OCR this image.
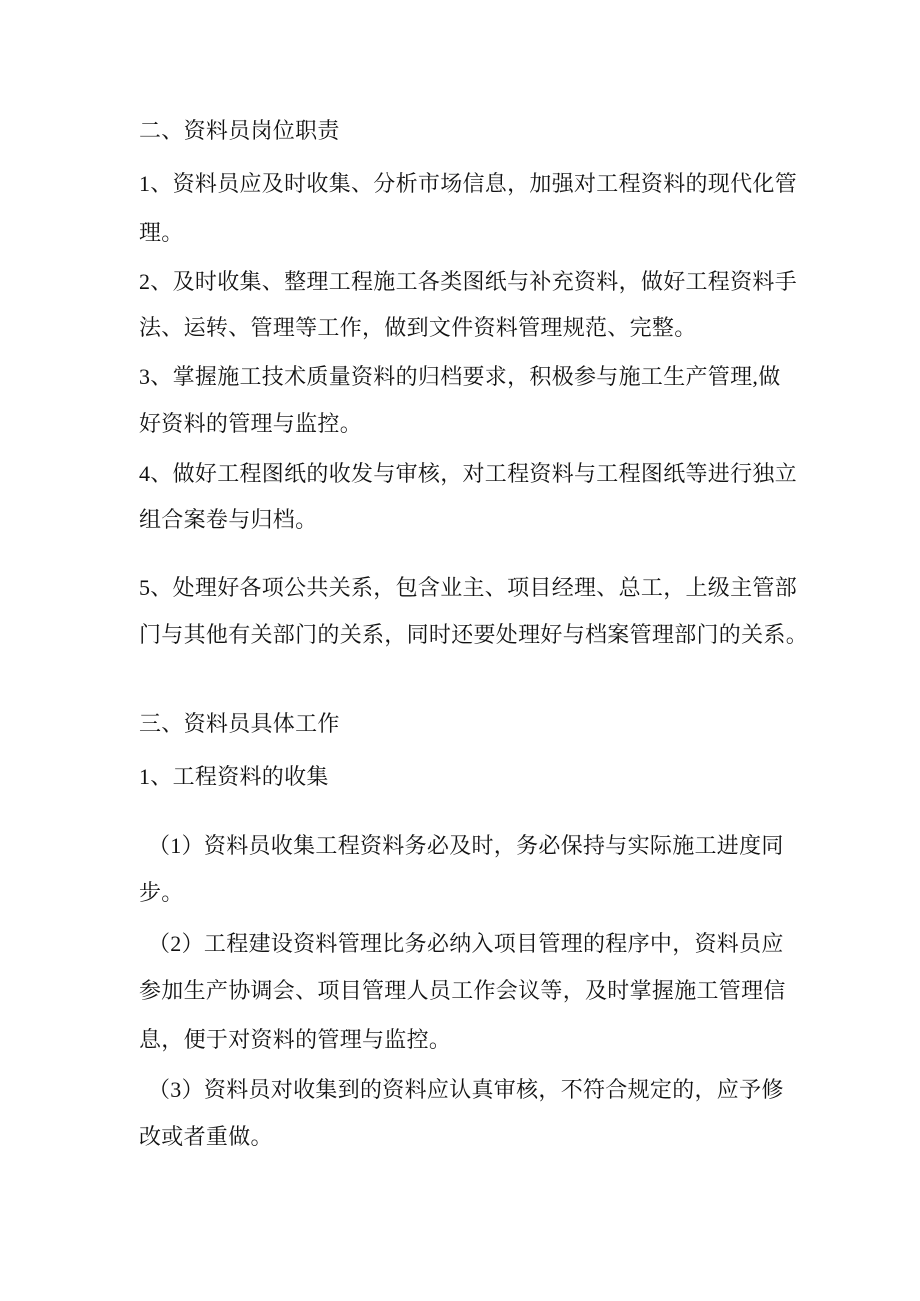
二、资料员岗位职责
1、资料员应及时收集、分析市场信息，加强对工程资料的现代化管
理。
2、及时收集、整理工程施工各类图纸与补充资料，做好工程资料手
法、运转、管理等工作，做到文件资料管理规范、完整。
3、掌握施工技术质量资料的归档要求，积极参与施工生产管理,做
好资料的管理与监控。
4、做好工程图纸的收发与审核，对工程资料与工程图纸等进行独立
组合案卷与归档。
5、处理好各项公共关系，包含业主、项目经理、总工，上级主管部
门与其他有关部门的关系，同时还要处理好与档案管理部门的关系。
三、资料员具体工作
1、工程资料的收集
（1）资料员收集工程资料务必及时，务必保持与实际施工进度同
步。
（2）工程建设资料管理比务必纳入项目管理的程序中，资料员应
参加生产协调会、项目管理人员工作会议等，及时掌握施工管理信
息，便于对资料的管理与监控。
（3）资料员对收集到的资料应认真审核，不符合规定的，应予修
改或者重做。
